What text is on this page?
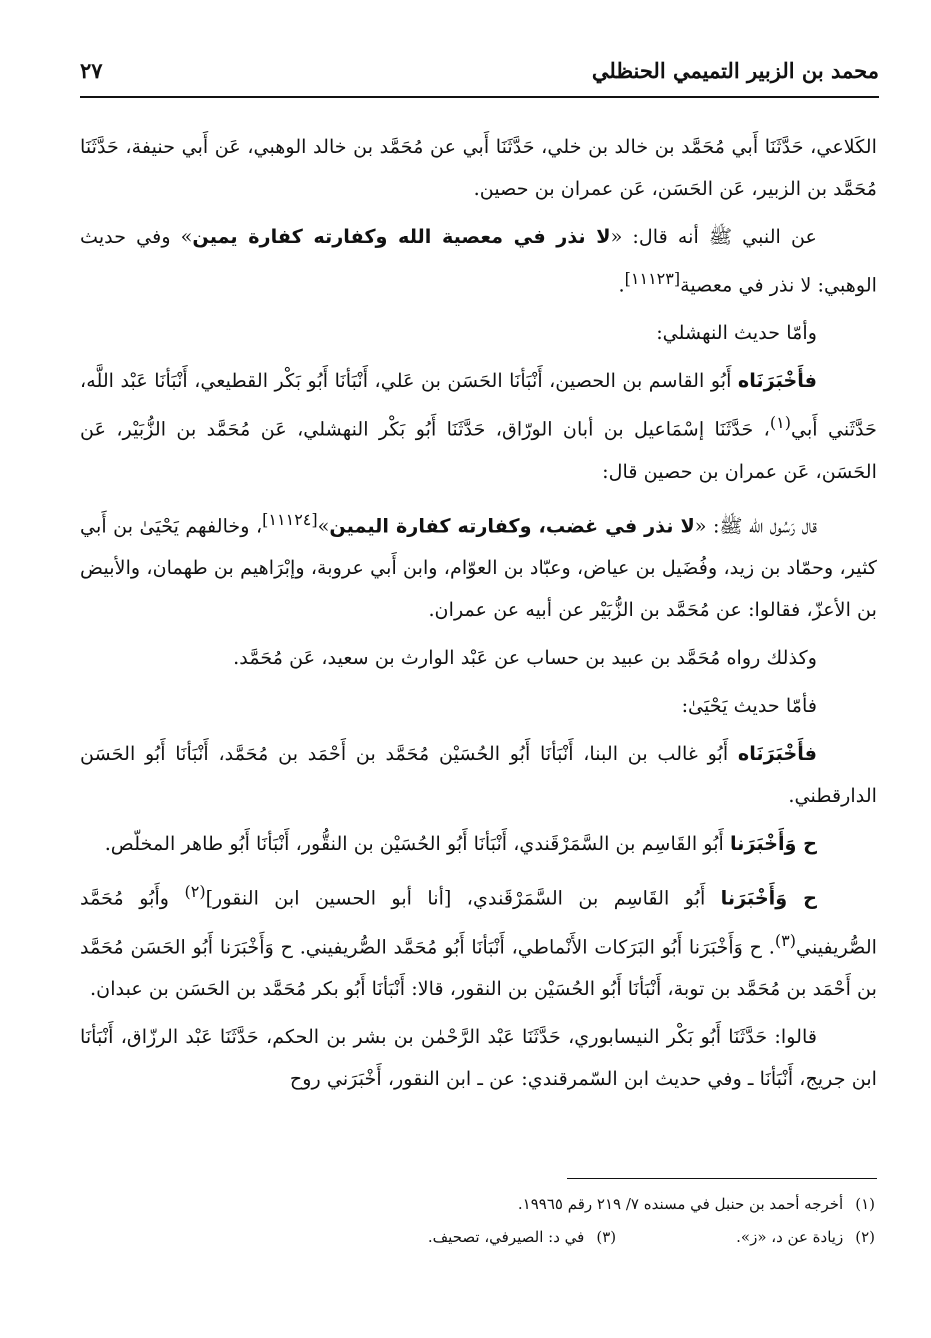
محمد بن الزبير التميمي الحنظلي
٢٧

الكَلاعي، حَدَّثَنَا أَبي مُحَمَّد بن خالد بن خلي، حَدَّثَنَا أَبي عن مُحَمَّد بن خالد الوهبي، عَن أَبي حنيفة، حَدَّثَنَا مُحَمَّد بن الزبير، عَن الحَسَن، عَن عمران بن حصين.

عن النبي ﷺ أنه قال: «لا نذر في معصية الله وكفارته كفارة يمين» وفي حديث الوهبي: لا نذر في معصية[١١١٢٣].

وأمّا حديث النهشلي:

فأَخْبَرَنَاه أَبُو القاسم بن الحصين، أَنْبَأنَا الحَسَن بن عَلي، أَنْبَأنَا أَبُو بَكْر القطيعي، أَنْبَأنَا عَبْد اللَّه، حَدَّثَني أَبي$^{(١)}$، حَدَّثَنَا إسْمَاعيل بن أبان الورّاق، حَدَّثَنَا أَبُو بَكْر النهشلي، عَن مُحَمَّد بن الزُّبَيْر، عَن الحَسَن، عَن عمران بن حصين قال:

قال رَسُول الله ﷺ: «لا نذر في غضب، وكفارته كفارة اليمين»[١١١٢٤]، وخالفهم يَحْيَىٰ بن أَبي كثير، وحمّاد بن زيد، وفُضَيل بن عياض، وعبّاد بن العوّام، وابن أَبي عروبة، وإبْرَاهيم بن طهمان، والأبيض بن الأعزّ، فقالوا: عن مُحَمَّد بن الزُّبَيْر عن أبيه عن عمران.

وكذلك رواه مُحَمَّد بن عبيد بن حساب عن عَبْد الوارث بن سعيد، عَن مُحَمَّد.

فأمّا حديث يَحْيَىٰ:

فأَخْبَرَنَاه أَبُو غالب بن البنا، أَنْبَأنَا أَبُو الحُسَيْن مُحَمَّد بن أَحْمَد بن مُحَمَّد، أَنْبَأنَا أَبُو الحَسَن الدارقطني.

ح وَأَخْبَرَنا أَبُو القَاسِم بن السَّمَرْقَندي، أَنْبَأنَا أَبُو الحُسَيْن بن النقُّور، أَنْبَأنَا أَبُو طاهر المخلّص.

ح وَأَخْبَرَنا أَبُو القَاسِم بن السَّمَرْقَندي، [أنا أبو الحسين ابن النقور]$^{(٢)}$ وأَبُو مُحَمَّد الصُّريفيني$^{(٣)}$. ح وَأَخْبَرَنا أَبُو البَرَكات الأَنْماطي، أَنْبَأنَا أَبُو مُحَمَّد الصُّريفيني. ح وَأَخْبَرَنا أَبُو الحَسَن مُحَمَّد بن أَحْمَد بن مُحَمَّد بن توبة، أَنْبَأنَا أَبُو الحُسَيْن بن النقور، قالا: أَنْبَأنَا أَبُو بكر مُحَمَّد بن الحَسَن بن عبدان.

قالوا: حَدَّثَنَا أَبُو بَكْر النيسابوري، حَدَّثَنَا عَبْد الرَّحْمٰن بن بشر بن الحكم، حَدَّثَنَا عَبْد الرزّاق، أَنْبَأنَا ابن جريج، أَنْبَأنَا ـ وفي حديث ابن السّمرقندي: عن ـ ابن النقور، أَخْبَرَني روح

(١)أخرجه أحمد بن حنبل في مسنده ٧/ ٢١٩ رقم ١٩٩٦٥.
(٢)زيادة عن د، «ز».
(٣)في د: الصيرفي، تصحيف.
